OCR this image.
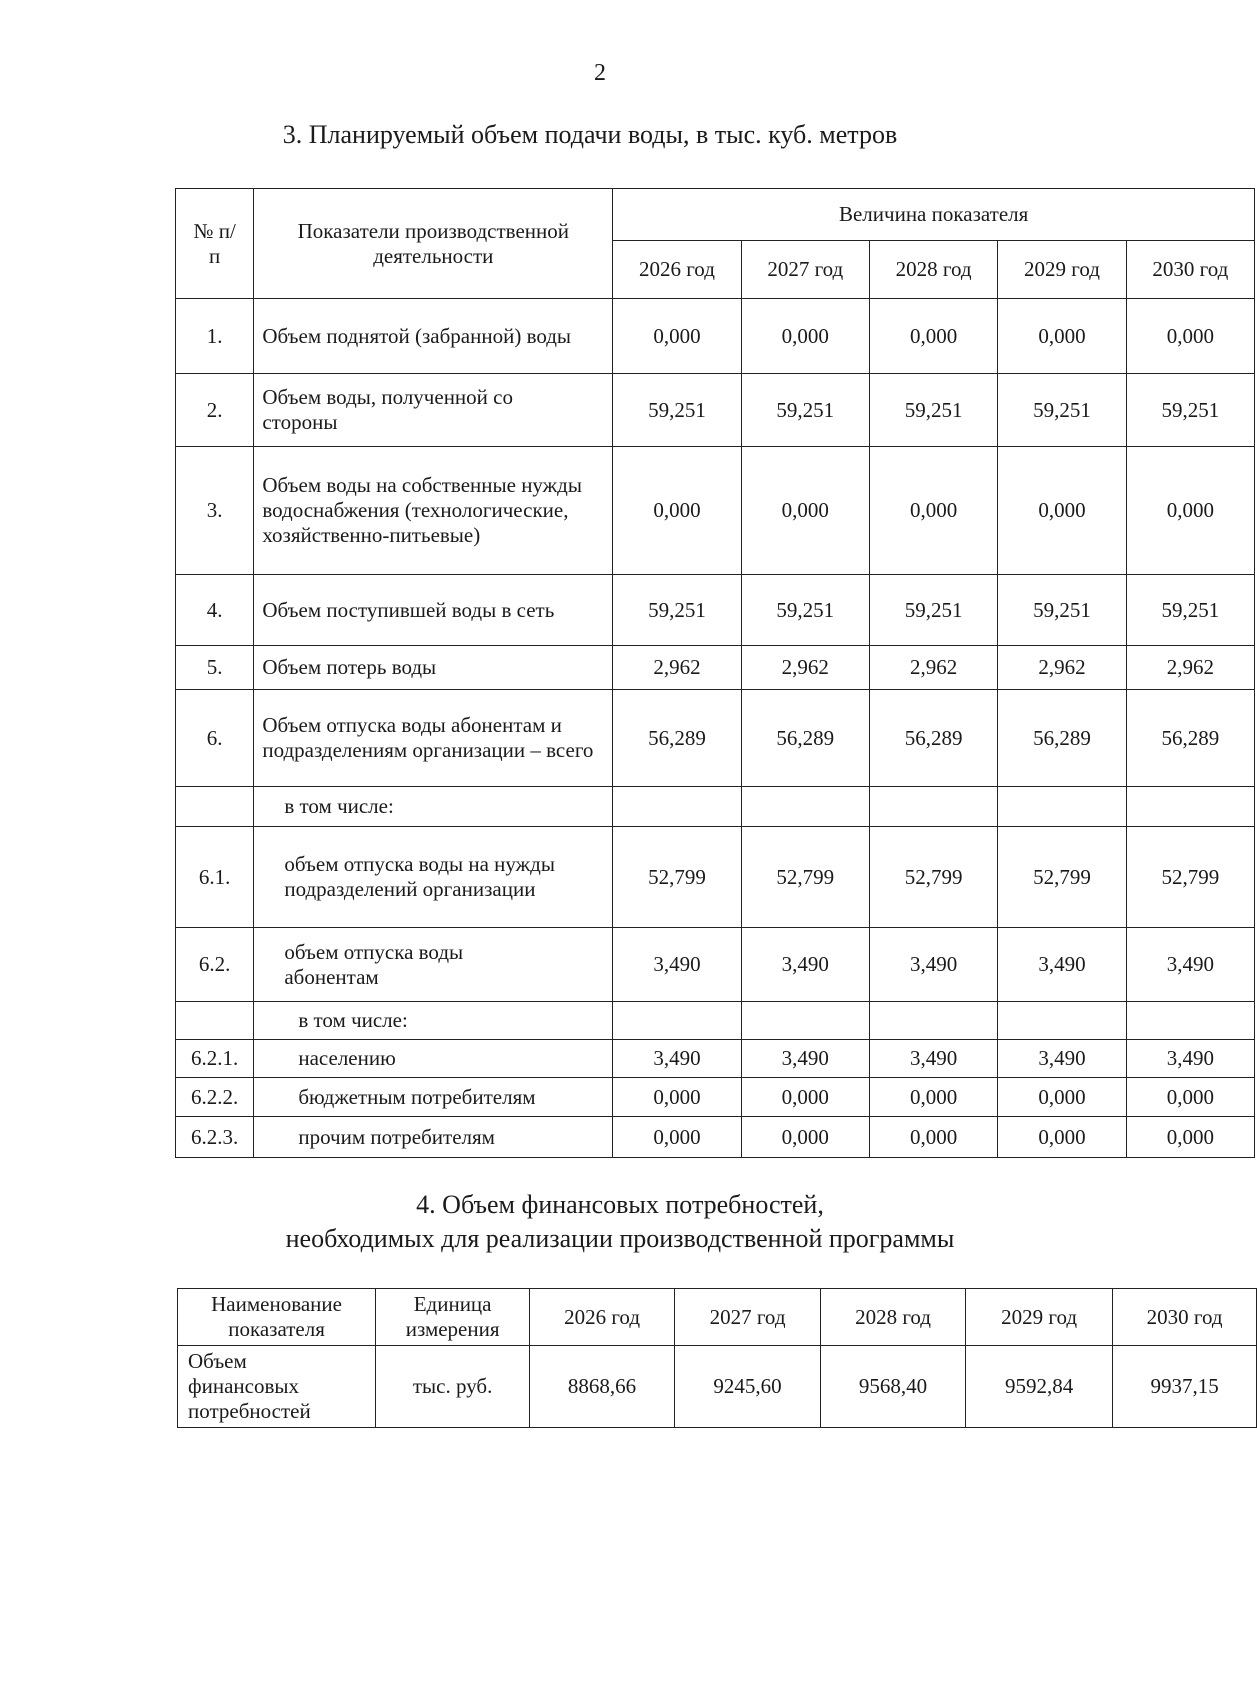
2
3. Планируемый объем подачи воды, в тыс. куб. метров
№ п/п	Показатели производственной деятельности	Величина показателя				
		2026 год	2027 год	2028 год	2029 год	2030 год
1.	Объем поднятой (забранной) воды	0,000	0,000	0,000	0,000	0,000
2.	Объем воды, полученной со стороны	59,251	59,251	59,251	59,251	59,251
3.	Объем воды на собственные нужды водоснабжения (технологические, хозяйственно-питьевые)	0,000	0,000	0,000	0,000	0,000
4.	Объем поступившей воды в сеть	59,251	59,251	59,251	59,251	59,251
5.	Объем потерь воды	2,962	2,962	2,962	2,962	2,962
6.	Объем отпуска воды абонентам и подразделениям организации – всего	56,289	56,289	56,289	56,289	56,289
	в том числе:					
6.1.	объем отпуска воды на нужды подразделений организации	52,799	52,799	52,799	52,799	52,799
6.2.	объем отпуска воды абонентам	3,490	3,490	3,490	3,490	3,490
	в том числе:					
6.2.1.	населению	3,490	3,490	3,490	3,490	3,490
6.2.2.	бюджетным потребителям	0,000	0,000	0,000	0,000	0,000
6.2.3.	прочим потребителям	0,000	0,000	0,000	0,000	0,000
4. Объем финансовых потребностей,
необходимых для реализации производственной программы
Наименование показателя	Единица измерения	2026 год	2027 год	2028 год	2029 год	2030 год
Объем финансовых потребностей	тыс. руб.	8868,66	9245,60	9568,40	9592,84	9937,15
